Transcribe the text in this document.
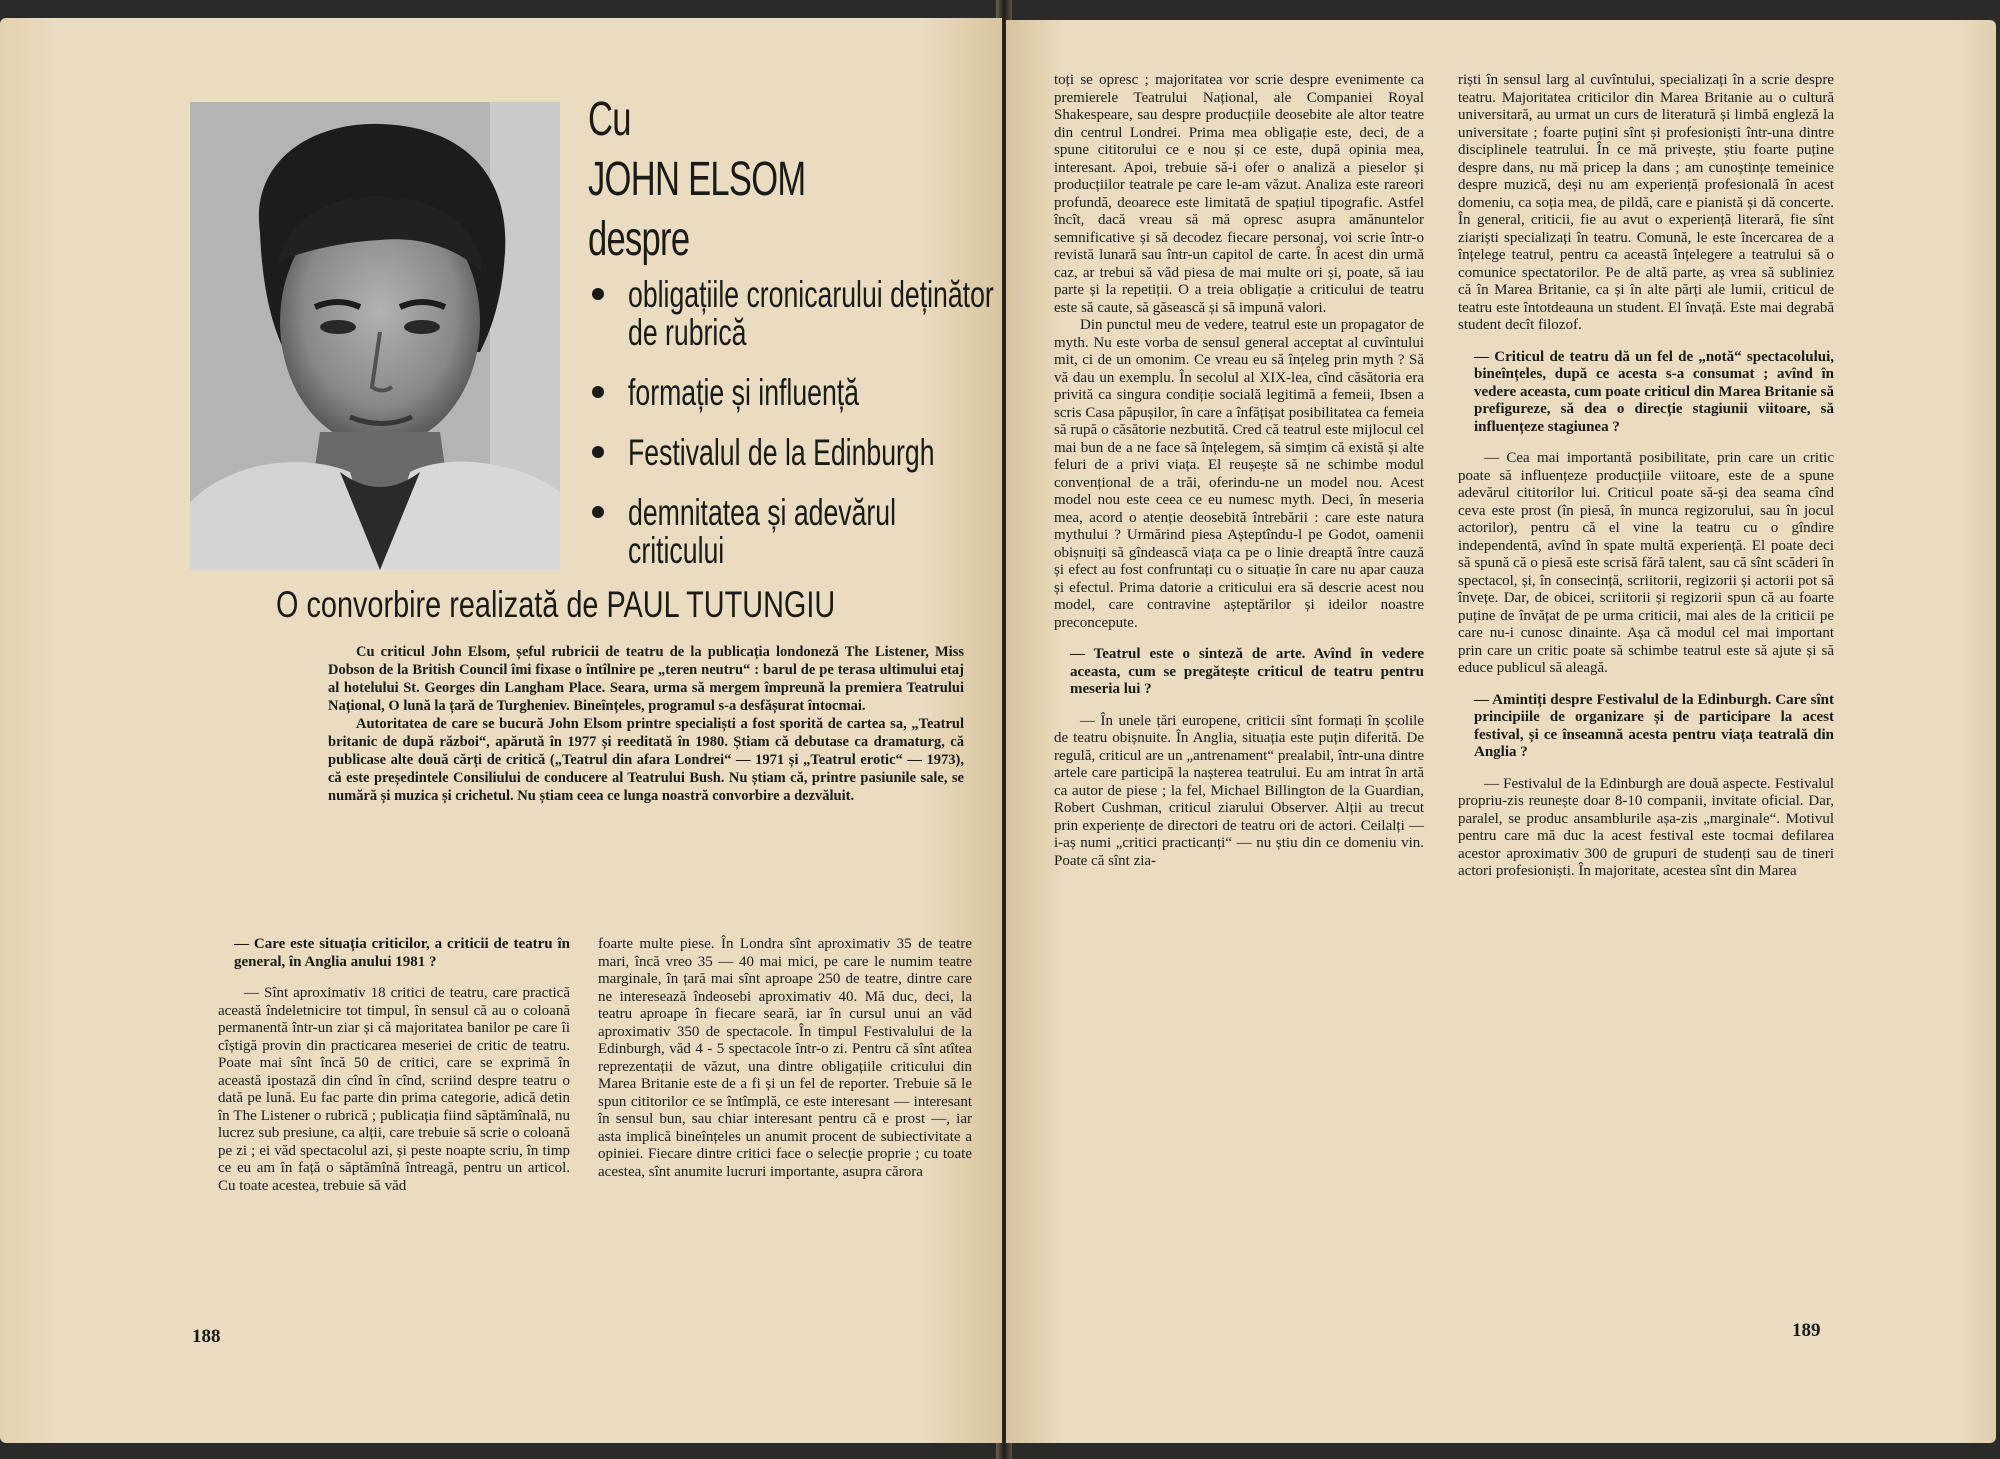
Cu
JOHN ELSOM
despre
obligațiile cronicarului deținător de rubrică
formație și influență
Festivalul de la Edinburgh
demnitatea și adevărul criticului
O convorbire realizată de PAUL TUTUNGIU

Cu criticul John Elsom, șeful rubricii de teatru de la publicația londoneză The Listener, Miss Dobson de la British Council îmi fixase o întîlnire pe „teren neutru“ : barul de pe terasa ultimului etaj al hotelului St. Georges din Langham Place. Seara, urma să mergem împreună la premiera Teatrului Național, O lună la țară de Turgheniev. Bineînțeles, programul s-a desfășurat întocmai.

Autoritatea de care se bucură John Elsom printre specialiști a fost sporită de cartea sa, „Teatrul britanic de după război“, apărută în 1977 și reeditată în 1980. Știam că debutase ca dramaturg, că publicase alte două cărți de critică („Teatrul din afara Londrei“ — 1971 și „Teatrul erotic“ — 1973), că este președintele Consiliului de conducere al Teatrului Bush. Nu știam că, printre pasiunile sale, se numără și muzica și crichetul. Nu știam ceea ce lunga noastră convorbire a dezvăluit.

— Care este situația criticilor, a criticii de teatru în general, în Anglia anului 1981 ?

— Sînt aproximativ 18 critici de teatru, care practică această îndeletnicire tot timpul, în sensul că au o coloană permanentă într-un ziar și că majoritatea banilor pe care îi cîștigă provin din practicarea meseriei de critic de teatru. Poate mai sînt încă 50 de critici, care se exprimă în această ipostază din cînd în cînd, scriind despre teatru o dată pe lună. Eu fac parte din prima categorie, adică detin în The Listener o rubrică ; publicația fiind săptămînală, nu lucrez sub presiune, ca alții, care trebuie să scrie o coloană pe zi ; ei văd spectacolul azi, și peste noapte scriu, în timp ce eu am în față o săptămînă întreagă, pentru un articol. Cu toate acestea, trebuie să văd

foarte multe piese. În Londra sînt aproximativ 35 de teatre mari, încă vreo 35 — 40 mai mici, pe care le numim teatre marginale, în țară mai sînt aproape 250 de teatre, dintre care ne interesează îndeosebi aproximativ 40. Mă duc, deci, la teatru aproape în fiecare seară, iar în cursul unui an văd aproximativ 350 de spectacole. În timpul Festivalului de la Edinburgh, văd 4 - 5 spectacole într-o zi. Pentru că sînt atîtea reprezentații de văzut, una dintre obligațiile criticului din Marea Britanie este de a fi și un fel de reporter. Trebuie să le spun cititorilor ce se întîmplă, ce este interesant — interesant în sensul bun, sau chiar interesant pentru că e prost —, iar asta implică bineînțeles un anumit procent de subiectivitate a opiniei. Fiecare dintre critici face o selecție proprie ; cu toate acestea, sînt anumite lucruri importante, asupra cărora

188

toți se opresc ; majoritatea vor scrie despre evenimente ca premierele Teatrului Național, ale Companiei Royal Shakespeare, sau despre producțiile deosebite ale altor teatre din centrul Londrei. Prima mea obligație este, deci, de a spune cititorului ce e nou și ce este, după opinia mea, interesant. Apoi, trebuie să-i ofer o analiză a pieselor și producțiilor teatrale pe care le-am văzut. Analiza este rareori profundă, deoarece este limitată de spațiul tipografic. Astfel încît, dacă vreau să mă opresc asupra amănuntelor semnificative și să decodez fiecare personaj, voi scrie într-o revistă lunară sau într-un capitol de carte. În acest din urmă caz, ar trebui să văd piesa de mai multe ori și, poate, să iau parte și la repetiții. O a treia obligație a criticului de teatru este să caute, să găsească și să impună valori.

Din punctul meu de vedere, teatrul este un propagator de myth. Nu este vorba de sensul general acceptat al cuvîntului mit, ci de un omonim. Ce vreau eu să înțeleg prin myth ? Să vă dau un exemplu. În secolul al XIX-lea, cînd căsătoria era privită ca singura condiție socială legitimă a femeii, Ibsen a scris Casa păpușilor, în care a înfățișat posibilitatea ca femeia să rupă o căsătorie nezbutită. Cred că teatrul este mijlocul cel mai bun de a ne face să înțelegem, să simțim că există și alte feluri de a privi viața. El reușește să ne schimbe modul convențional de a trăi, oferindu-ne un model nou. Acest model nou este ceea ce eu numesc myth. Deci, în meseria mea, acord o atenție deosebită întrebării : care este natura mythului ? Urmărind piesa Așteptîndu-l pe Godot, oamenii obișnuiți să gîndească viața ca pe o linie dreaptă între cauză și efect au fost confruntați cu o situație în care nu apar cauza și efectul. Prima datorie a criticului era să descrie acest nou model, care contravine așteptărilor și ideilor noastre preconcepute.

— Teatrul este o sinteză de arte. Avînd în vedere aceasta, cum se pregătește criticul de teatru pentru meseria lui ?

— În unele țări europene, criticii sînt formați în școlile de teatru obișnuite. În Anglia, situația este puțin diferită. De regulă, criticul are un „antrenament“ prealabil, într-una dintre artele care participă la nașterea teatrului. Eu am intrat în artă ca autor de piese ; la fel, Michael Billington de la Guardian, Robert Cushman, criticul ziarului Observer. Alții au trecut prin experiențe de directori de teatru ori de actori. Ceilalți — i-aș numi „critici practicanți“ — nu știu din ce domeniu vin. Poate că sînt zia-

riști în sensul larg al cuvîntului, specializați în a scrie despre teatru. Majoritatea criticilor din Marea Britanie au o cultură universitară, au urmat un curs de literatură și limbă engleză la universitate ; foarte puțini sînt și profesioniști într-una dintre disciplinele teatrului. În ce mă privește, știu foarte puține despre dans, nu mă pricep la dans ; am cunoștințe temeinice despre muzică, deși nu am experiență profesională în acest domeniu, ca soția mea, de pildă, care e pianistă și dă concerte. În general, criticii, fie au avut o experiență literară, fie sînt ziariști specializați în teatru. Comună, le este încercarea de a înțelege teatrul, pentru ca această înțelegere a teatrului să o comunice spectatorilor. Pe de altă parte, aș vrea să subliniez că în Marea Britanie, ca și în alte părți ale lumii, criticul de teatru este întotdeauna un student. El învață. Este mai degrabă student decît filozof.

— Criticul de teatru dă un fel de „notă“ spectacolului, bineînțeles, după ce acesta s-a consumat ; avînd în vedere aceasta, cum poate criticul din Marea Britanie să prefigureze, să dea o direcție stagiunii viitoare, să influențeze stagiunea ?

— Cea mai importantă posibilitate, prin care un critic poate să influențeze producțiile viitoare, este de a spune adevărul cititorilor lui. Criticul poate să-și dea seama cînd ceva este prost (în piesă, în munca regizorului, sau în jocul actorilor), pentru că el vine la teatru cu o gîndire independentă, avînd în spate multă experiență. El poate deci să spună că o piesă este scrisă fără talent, sau că sînt scăderi în spectacol, și, în consecință, scriitorii, regizorii și actorii pot să învețe. Dar, de obicei, scriitorii și regizorii spun că au foarte puține de învățat de pe urma criticii, mai ales de la criticii pe care nu-i cunosc dinainte. Așa că modul cel mai important prin care un critic poate să schimbe teatrul este să ajute și să educe publicul să aleagă.

— Amintiți despre Festivalul de la Edinburgh. Care sînt principiile de organizare și de participare la acest festival, și ce înseamnă acesta pentru viața teatrală din Anglia ?

— Festivalul de la Edinburgh are două aspecte. Festivalul propriu-zis reunește doar 8-10 companii, invitate oficial. Dar, paralel, se produc ansamblurile așa-zis „marginale“. Motivul pentru care mă duc la acest festival este tocmai defilarea acestor aproximativ 300 de grupuri de studenți sau de tineri actori profesioniști. În majoritate, acestea sînt din Marea

189
